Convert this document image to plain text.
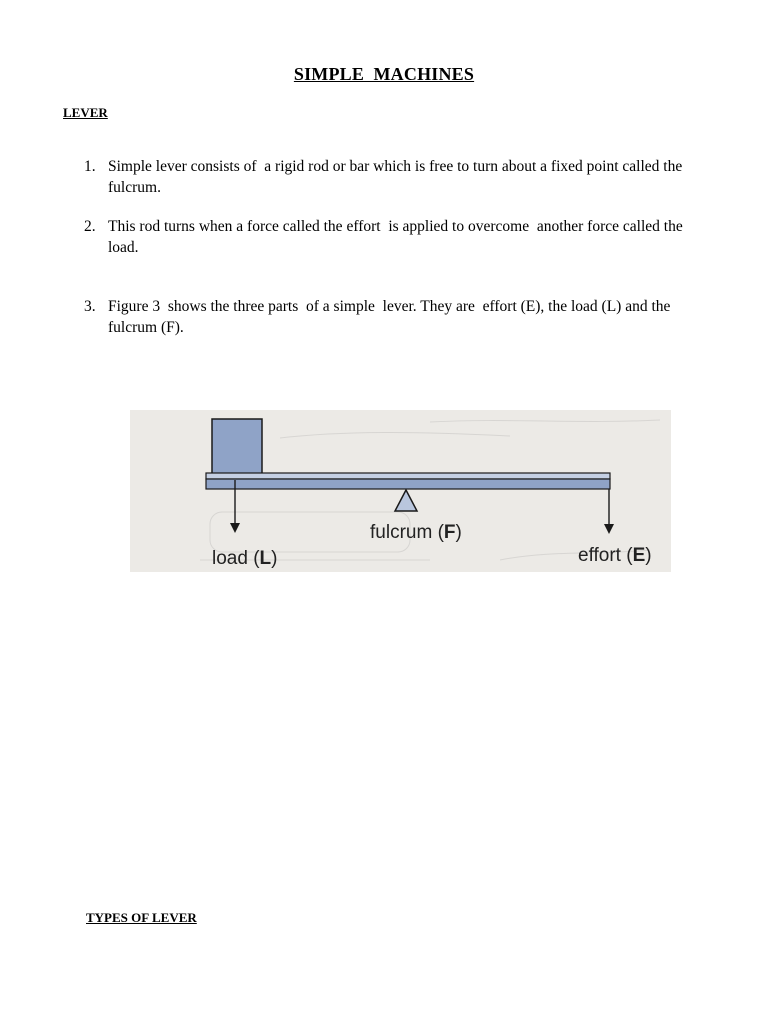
SIMPLE  MACHINES
LEVER
1. Simple lever consists of  a rigid rod or bar which is free to turn about a fixed point called the fulcrum.
2. This rod turns when a force called the effort  is applied to overcome  another force called the load.
3. Figure 3  shows the three parts  of a simple  lever. They are  effort (E), the load (L) and the   fulcrum (F).
load (L)
fulcrum (F)
effort (E)
TYPES OF LEVER
